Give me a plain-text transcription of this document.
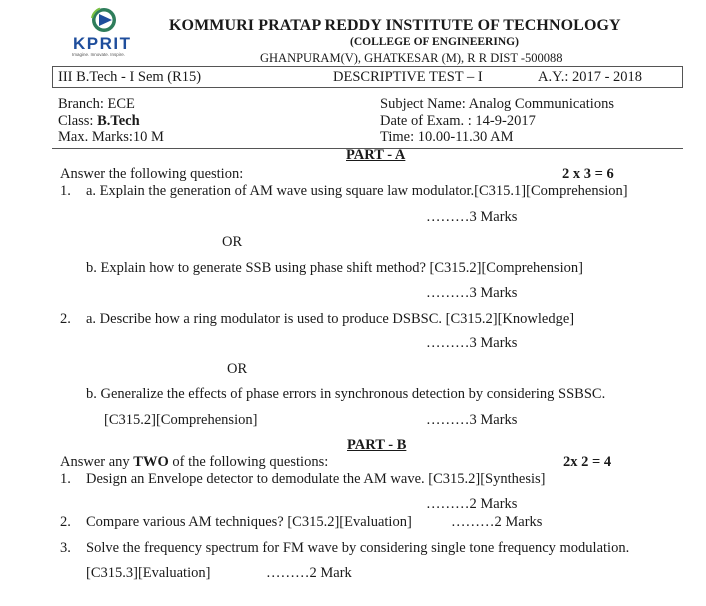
KPRIT
Imagine. Innovate. Inspire.
KOMMURI PRATAP REDDY INSTITUTE OF TECHNOLOGY
(COLLEGE OF ENGINEERING)
GHANPURAM(V), GHATKESAR (M), R R DIST -500088
III B.Tech - I Sem (R15)	DESCRIPTIVE TEST – I	A.Y.: 2017 - 2018
Branch: ECE
Class: B.Tech
Max. Marks:10 M
Subject Name: Analog Communications
Date of Exam. : 14-9-2017
Time: 10.00-11.30 AM
PART - A
Answer the following question:	2 x 3 = 6
1. a. Explain the generation of AM wave using square law modulator.[C315.1][Comprehension]
………3 Marks
OR
b. Explain how to generate SSB using phase shift method? [C315.2][Comprehension]
………3 Marks
2. a. Describe how a ring modulator is used to produce DSBSC. [C315.2][Knowledge]
………3 Marks
OR
b. Generalize the effects of phase errors in synchronous detection by considering SSBSC.
[C315.2][Comprehension]	………3 Marks
PART - B
Answer any TWO of the following questions:	2x 2 = 4
1. Design an Envelope detector to demodulate the AM wave. [C315.2][Synthesis]
………2 Marks
2. Compare various AM techniques? [C315.2][Evaluation]	………2 Marks
3. Solve the frequency spectrum for FM wave by considering single tone frequency modulation.
[C315.3][Evaluation]	………2 Mark
